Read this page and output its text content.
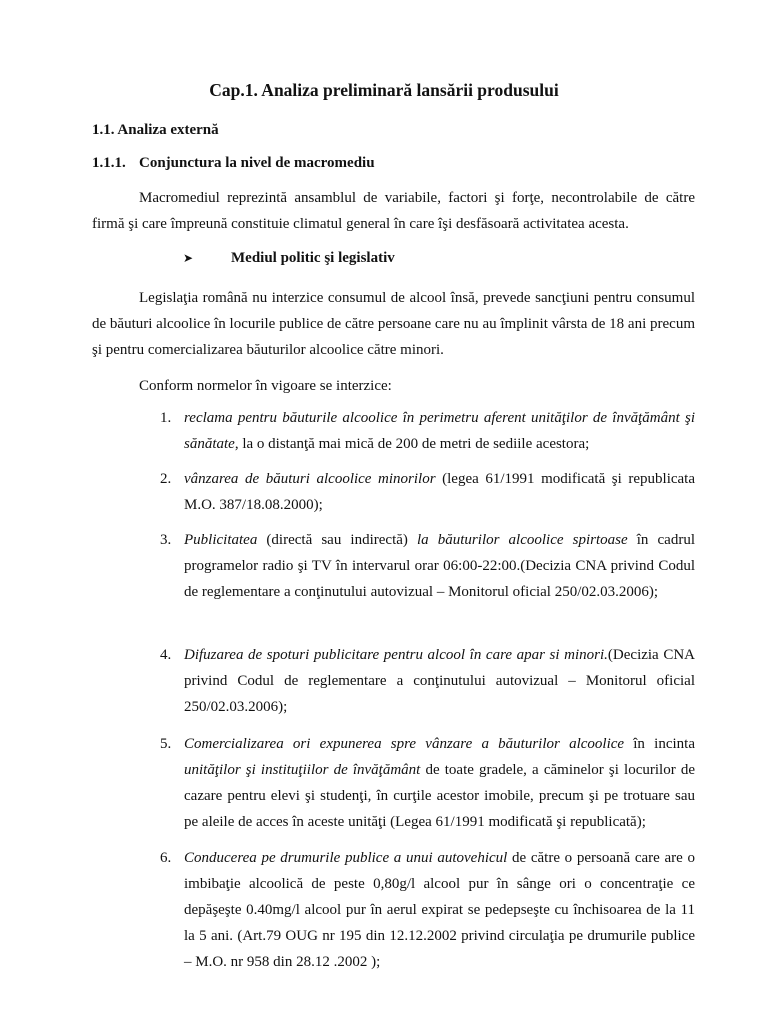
Cap.1. Analiza preliminară lansării produsului
1.1. Analiza externă
1.1.1. Conjunctura la nivel de macromediu
Macromediul reprezintă ansamblul de variabile, factori şi forţe, necontrolabile de către firmă şi care împreună constituie climatul general în care îşi desfăsoară activitatea acesta.
➤	Mediul politic şi legislativ
Legislaţia română nu interzice consumul de alcool însă, prevede sancţiuni pentru consumul de băuturi alcoolice în locurile publice de către persoane care nu au împlinit vârsta de 18 ani precum şi pentru comercializarea băuturilor alcoolice către minori.
Conform normelor în vigoare se interzice:
1. reclama pentru băuturile alcoolice în perimetru aferent unităţilor de învăţământ şi sănătate, la o distanţă mai mică de 200 de metri de sediile acestora;
2. vânzarea de băuturi alcoolice minorilor (legea 61/1991 modificată şi republicata M.O. 387/18.08.2000);
3. Publicitatea (directă sau indirectă) la băuturilor alcoolice spirtoase în cadrul programelor radio şi TV în intervarul orar 06:00-22:00.(Decizia CNA privind Codul de reglementare a conţinutului autovizual – Monitorul oficial 250/02.03.2006);
4. Difuzarea de spoturi publicitare pentru alcool în care apar si minori.(Decizia CNA privind Codul de reglementare a conţinutului autovizual – Monitorul oficial 250/02.03.2006);
5. Comercializarea ori expunerea spre vânzare a băuturilor alcoolice în incinta unităţilor şi instituţiilor de învăţământ de toate gradele, a căminelor şi locurilor de cazare pentru elevi şi studenţi, în curţile acestor imobile, precum şi pe trotuare sau pe aleile de acces în aceste unităţi (Legea 61/1991 modificată şi republicată);
6. Conducerea pe drumurile publice a unui autovehicul de către o persoană care are o imbibaţie alcoolică de peste 0,80g/l alcool pur în sânge ori o concentraţie ce depăşeşte 0.40mg/l alcool pur în aerul expirat se pedepseşte cu închisoarea de la 11 la 5 ani. (Art.79 OUG nr 195 din 12.12.2002 privind circulaţia pe drumurile publice – M.O. nr 958 din 28.12 .2002 );
